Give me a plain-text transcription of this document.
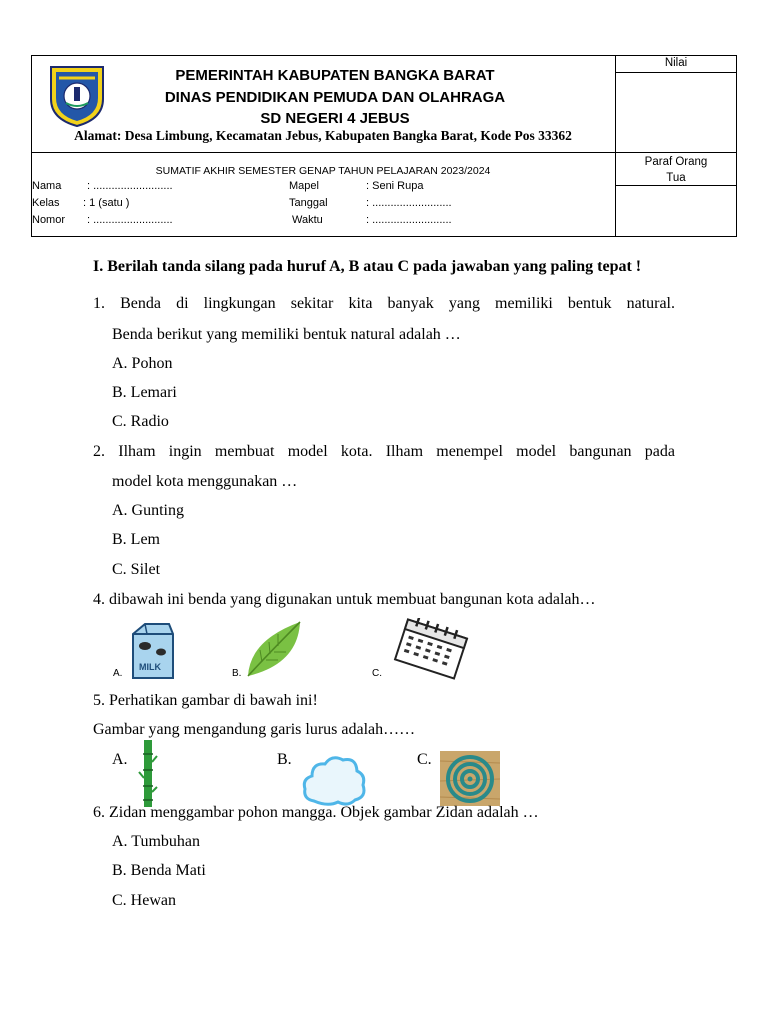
PEMERINTAH KABUPATEN BANGKA BARAT
DINAS PENDIDIKAN PEMUDA DAN OLAHRAGA
SD NEGERI 4 JEBUS
Alamat: Desa Limbung, Kecamatan Jebus, Kabupaten Bangka Barat, Kode Pos 33362
Nilai
Paraf Orang
Tua
SUMATIF AKHIR SEMESTER GENAP TAHUN PELAJARAN 2023/2024
Nama : ..........................
Kelas : 1 (satu )
Nomor : ..........................
Mapel	: Seni Rupa
Tanggal	: ..........................
Waktu	: ..........................
I. Berilah tanda silang pada huruf A, B atau C pada jawaban yang paling tepat !
1. Benda di lingkungan sekitar kita banyak yang memiliki bentuk natural.
Benda berikut yang memiliki bentuk natural adalah …
A. Pohon
B. Lemari
C. Radio
2. Ilham ingin membuat model kota. Ilham menempel model bangunan pada
model kota menggunakan …
A. Gunting
B. Lem
C. Silet
4. dibawah ini benda yang digunakan untuk membuat bangunan kota adalah…
A.
MILK
B.	C.
5. Perhatikan gambar di bawah ini!
Gambar yang mengandung garis lurus adalah……
A.	B.	C.
6. Zidan menggambar pohon mangga. Objek gambar Zidan adalah …
A. Tumbuhan
B. Benda Mati
C. Hewan
